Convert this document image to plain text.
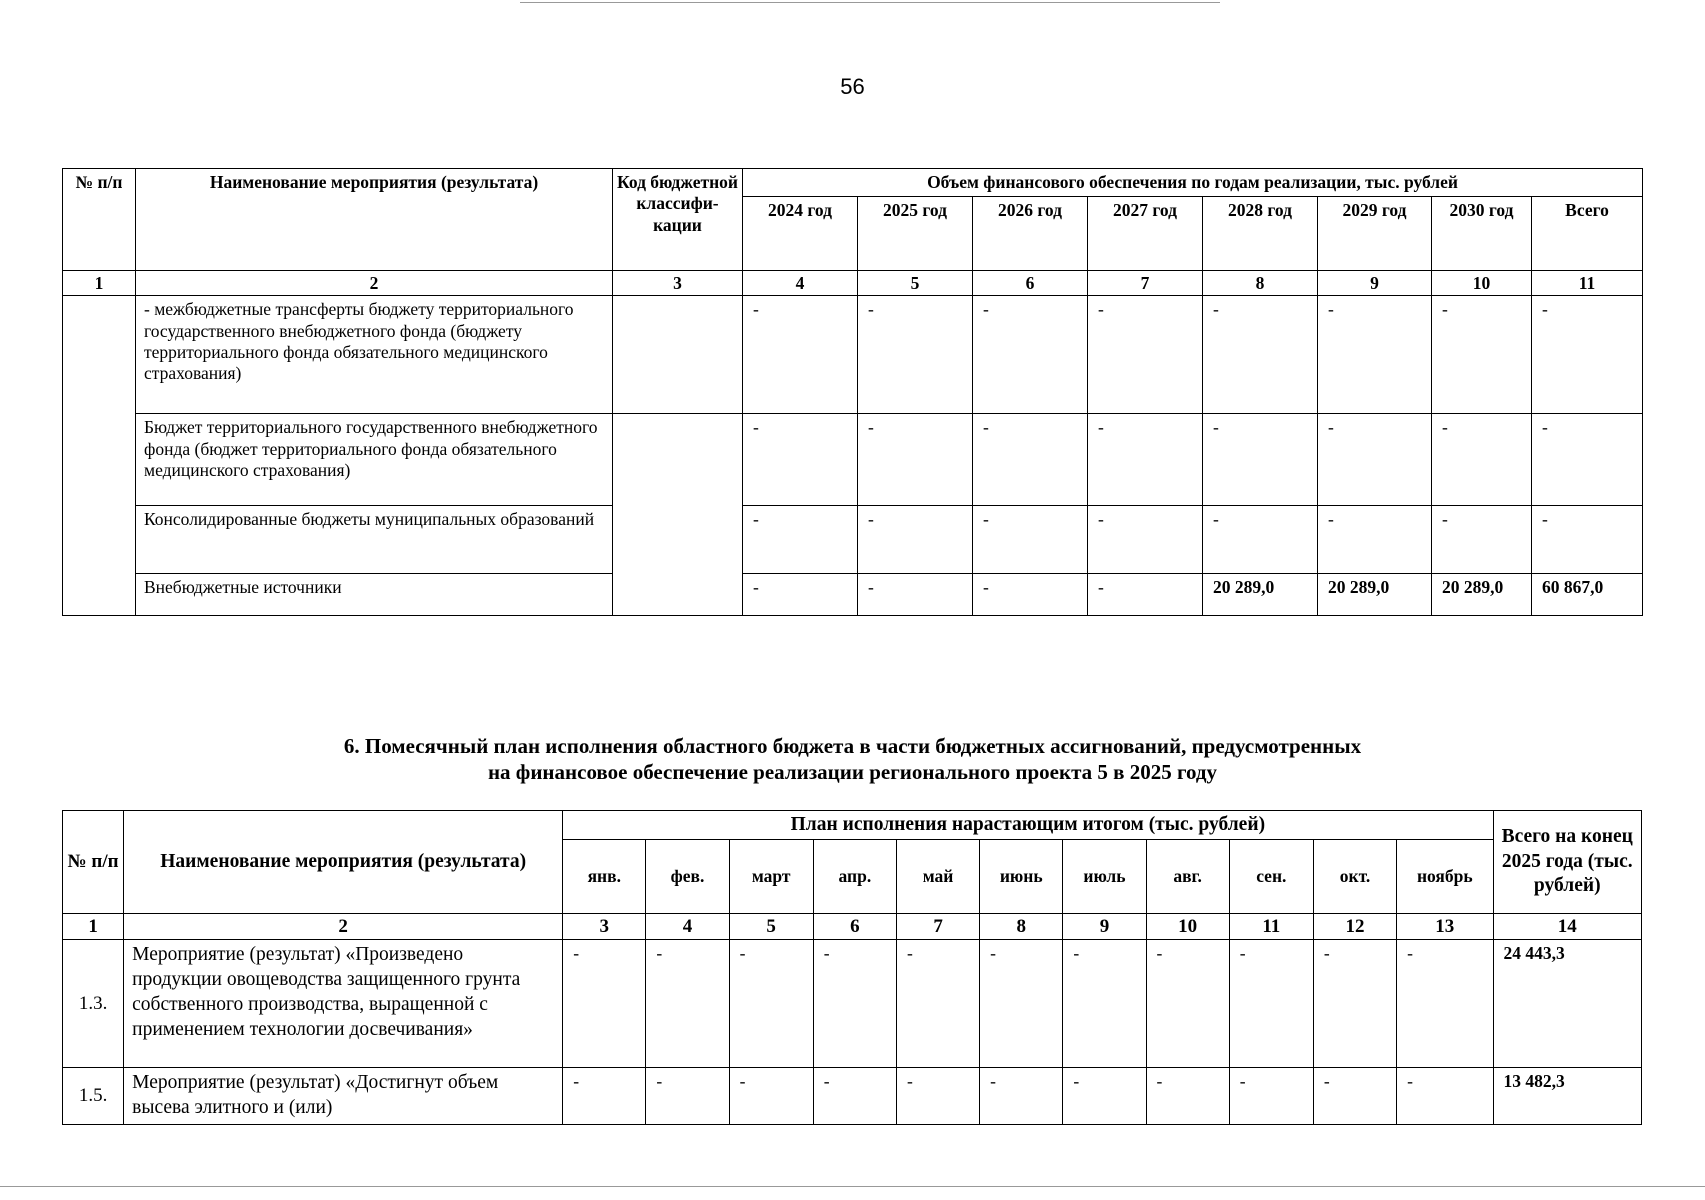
56
№ п/п	Наименование мероприятия (результата)	Код бюджетной классифи-кации	Объем финансового обеспечения по годам реализации, тыс. рублей							
			2024 год	2025 год	2026 год	2027 год	2028 год	2029 год	2030 год	Всего
1	2	3	4	5	6	7	8	9	10	11
	- межбюджетные трансферты бюджету территориального государственного внебюджетного фонда (бюджету территориального фонда обязательного медицинского страхования)		-	-	-	-	-	-	-	-
	Бюджет территориального государственного внебюджетного фонда (бюджет территориального фонда обязательного медицинского страхования)		-	-	-	-	-	-	-	-
	Консолидированные бюджеты муниципальных образований		-	-	-	-	-	-	-	-
	Внебюджетные источники		-	-	-	-	20 289,0	20 289,0	20 289,0	60 867,0
6. Помесячный план исполнения областного бюджета в части бюджетных ассигнований, предусмотренных
на финансовое обеспечение реализации регионального проекта 5 в 2025 году
№ п/п	Наименование мероприятия (результата)	План исполнения нарастающим итогом (тыс. рублей)											Всего на конец 2025 года (тыс. рублей)
		янв.	фев.	март	апр.	май	июнь	июль	авг.	сен.	окт.	ноябрь	
1	2	3	4	5	6	7	8	9	10	11	12	13	14
1.3.	Мероприятие (результат) «Произведено продукции овощеводства защищенного грунта собственного производства, выращенной с применением технологии досвечивания»	-	-	-	-	-	-	-	-	-	-	-	24 443,3
1.5.	Мероприятие (результат) «Достигнут объем высева элитного и (или)	-	-	-	-	-	-	-	-	-	-	-	13 482,3
